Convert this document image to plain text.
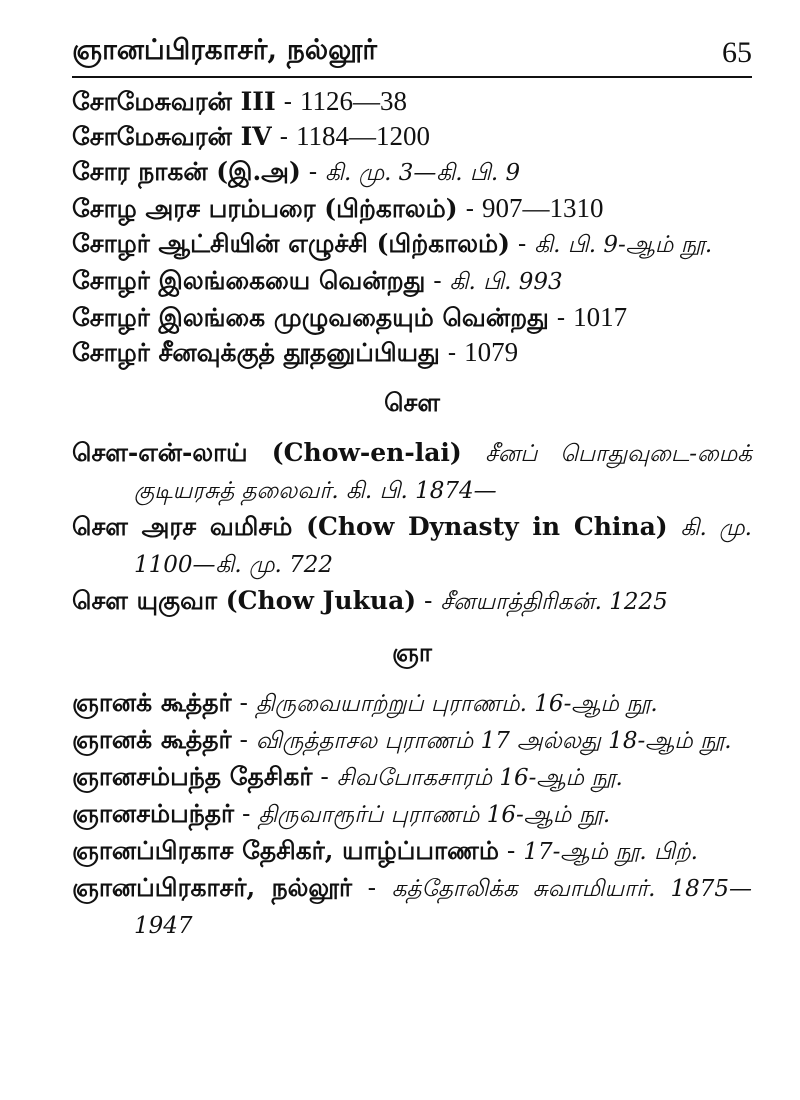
ஞானப்பிரகாசர், நல்லூர்	65
சோமேசுவரன் III - 1126—38
சோமேசுவரன் IV - 1184—1200
சோர நாகன் (இ.அ) - கி. மு. 3—கி. பி. 9
சோழ அரச பரம்பரை (பிற்காலம்) - 907—1310
சோழர் ஆட்சியின் எழுச்சி (பிற்காலம்) - கி. பி. 9-ஆம் நூ.
சோழர் இலங்கையை வென்றது - கி. பி. 993
சோழர் இலங்கை முழுவதையும் வென்றது - 1017
சோழர் சீனவுக்குத் தூதனுப்பியது - 1079
சௌ
சௌ-என்-லாய் (Chow-en-lai) சீனப் பொதுவுடை-மைக் குடியரசுத் தலைவர். கி. பி. 1874—
சௌ அரச வமிசம் (Chow Dynasty in China) கி. மு. 1100—கி. மு. 722
சௌ யுகுவா (Chow Jukua) - சீனயாத்திரிகன். 1225
ஞா
ஞானக் கூத்தர் - திருவையாற்றுப் புராணம். 16-ஆம் நூ.
ஞானக் கூத்தர் - விருத்தாசல புராணம் 17 அல்லது 18-ஆம் நூ.
ஞானசம்பந்த தேசிகர் - சிவபோகசாரம் 16-ஆம் நூ.
ஞானசம்பந்தர் - திருவாரூர்ப் புராணம் 16-ஆம் நூ.
ஞானப்பிரகாச தேசிகர், யாழ்ப்பாணம் - 17-ஆம் நூ. பிற்.
ஞானப்பிரகாசர், நல்லூர் - கத்தோலிக்க சுவாமியார். 1875—1947
